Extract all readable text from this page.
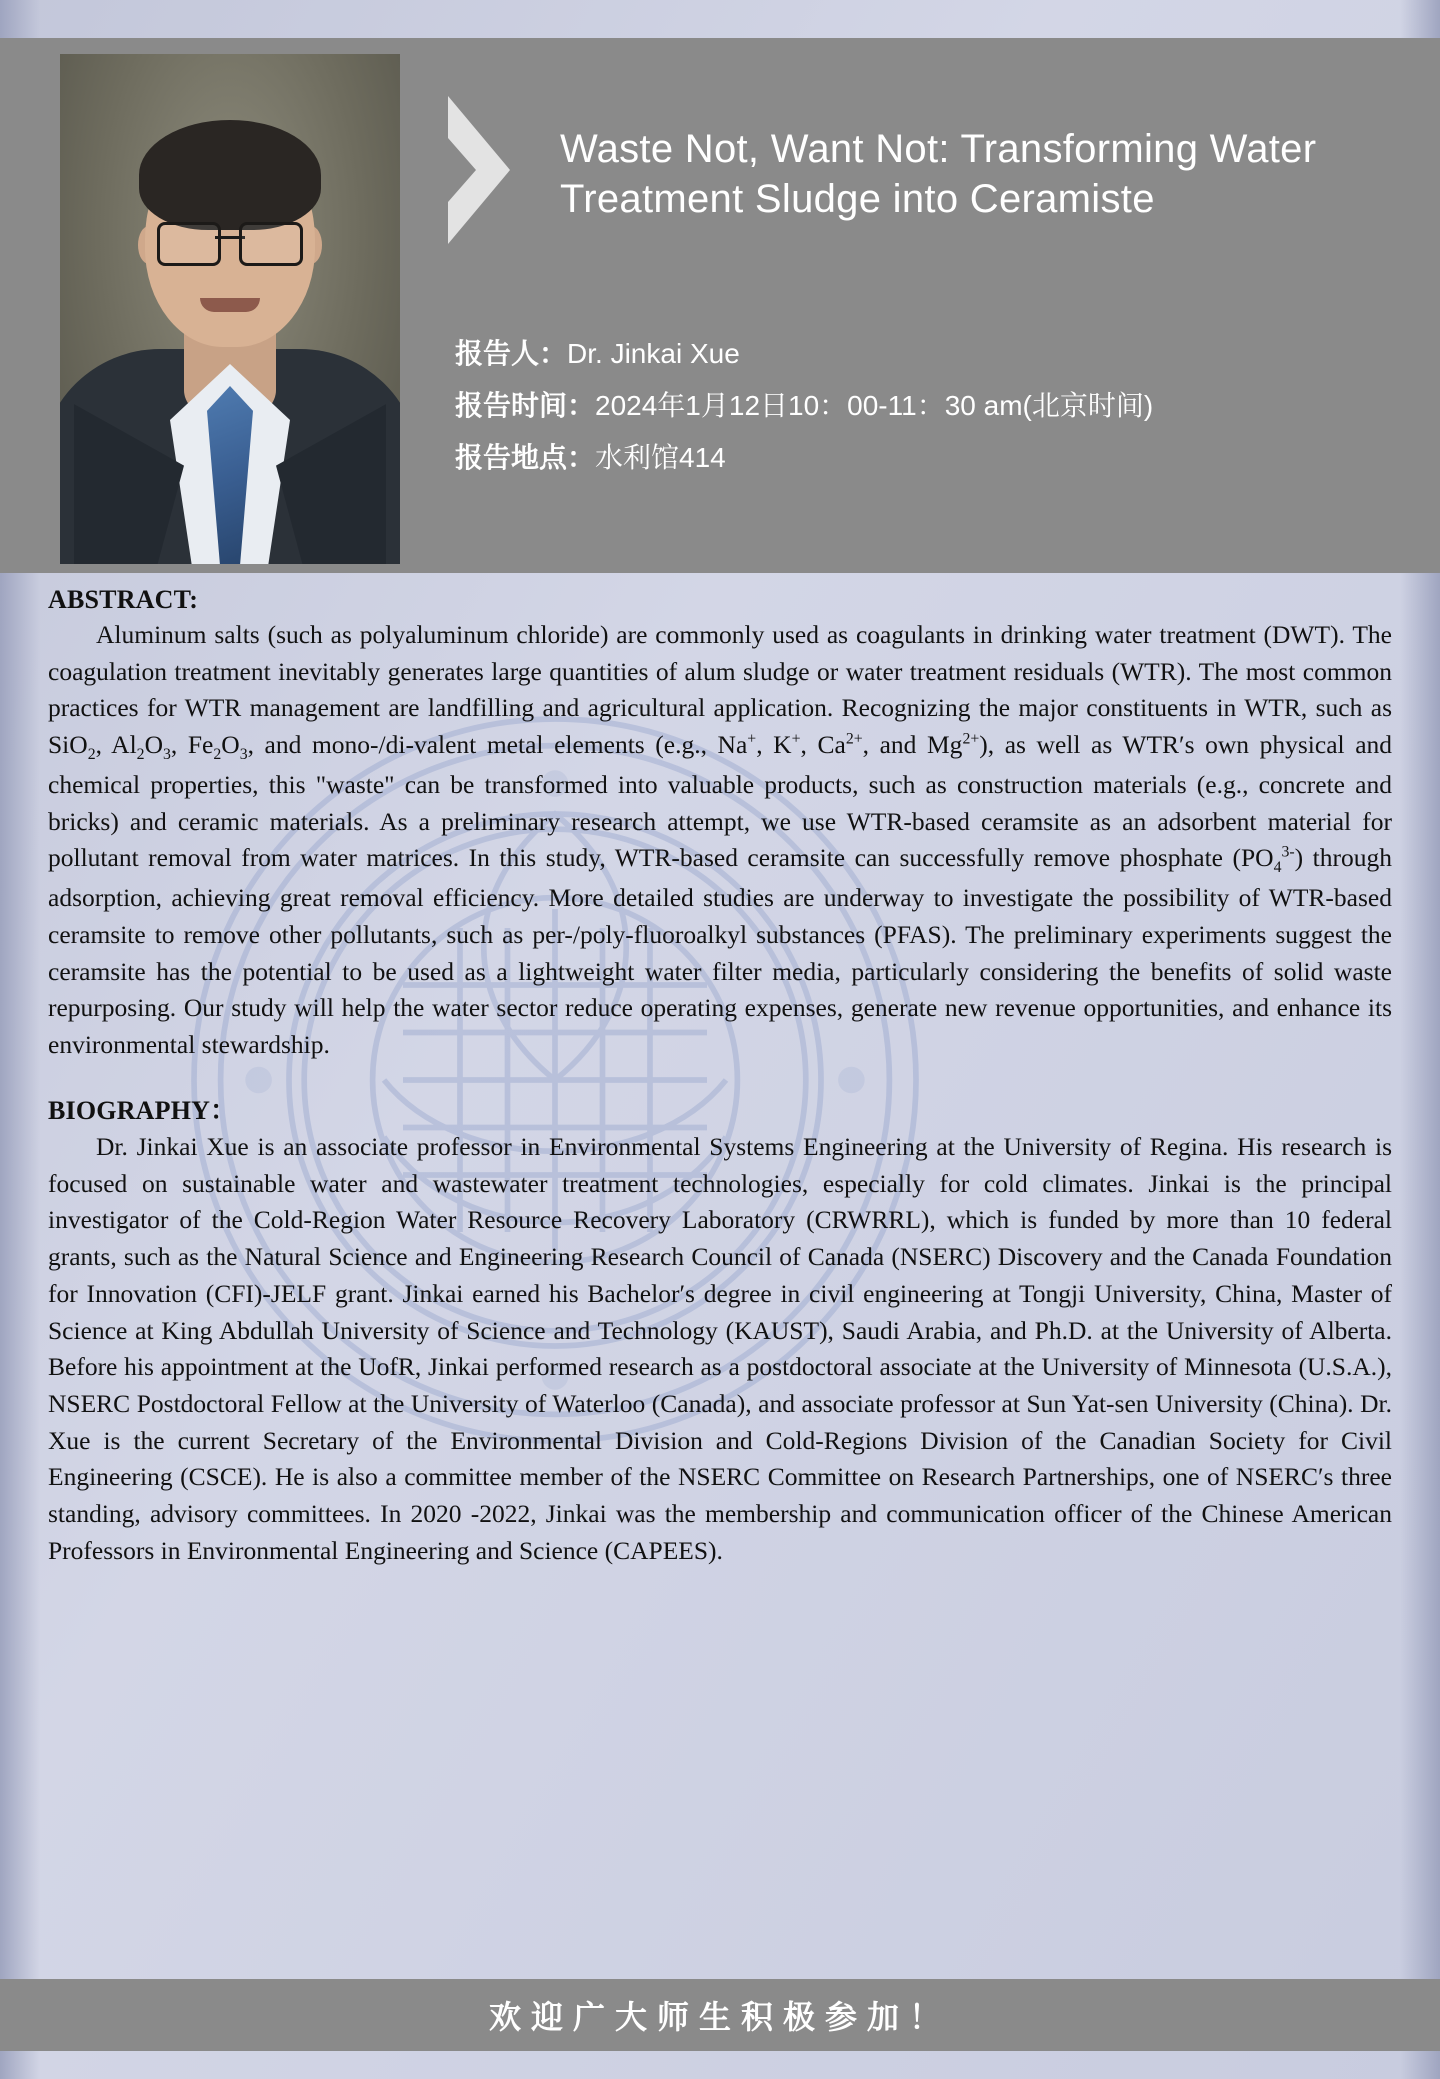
Waste Not, Want Not: Transforming Water Treatment Sludge into Ceramiste
报告人：Dr. Jinkai Xue
报告时间：2024年1月12日10：00-11：30 am(北京时间)
报告地点：水利馆414
ABSTRACT:

Aluminum salts (such as polyaluminum chloride) are commonly used as coagulants in drinking water treatment (DWT). The coagulation treatment inevitably generates large quantities of alum sludge or water treatment residuals (WTR). The most common practices for WTR management are landfilling and agricultural application. Recognizing the major constituents in WTR, such as SiO$_2$, $Al_2O_3$, $Fe_2O_3$, and mono-/di-valent metal elements (e.g., Na+, K+, $Ca^{2+}$, and $Mg^{2+}$), as well as WTR′s own physical and chemical properties, this "waste" can be transformed into valuable products, such as construction materials (e.g., concrete and bricks) and ceramic materials. As a preliminary research attempt, we use WTR-based ceramsite as an adsorbent material for pollutant removal from water matrices. In this study, WTR-based ceramsite can successfully remove phosphate $(PO_4^{3-})$ through adsorption, achieving great removal efficiency. More detailed studies are underway to investigate the possibility of WTR-based ceramsite to remove other pollutants, such as per-/poly-fluoroalkyl substances (PFAS). The preliminary experiments suggest the ceramsite has the potential to be used as a lightweight water filter media, particularly considering the benefits of solid waste repurposing. Our study will help the water sector reduce operating expenses, generate new revenue opportunities, and enhance its environmental stewardship.

BIOGRAPHY：

Dr. Jinkai Xue is an associate professor in Environmental Systems Engineering at the University of Regina. His research is focused on sustainable water and wastewater treatment technologies, especially for cold climates. Jinkai is the principal investigator of the Cold-Region Water Resource Recovery Laboratory (CRWRRL), which is funded by more than 10 federal grants, such as the Natural Science and Engineering Research Council of Canada (NSERC) Discovery and the Canada Foundation for Innovation (CFI)-JELF grant. Jinkai earned his Bachelor′s degree in civil engineering at Tongji University, China, Master of Science at King Abdullah University of Science and Technology (KAUST), Saudi Arabia, and Ph.D. at the University of Alberta. Before his appointment at the UofR, Jinkai performed research as a postdoctoral associate at the University of Minnesota (U.S.A.), NSERC Postdoctoral Fellow at the University of Waterloo (Canada), and associate professor at Sun Yat-sen University (China). Dr. Xue is the current Secretary of the Environmental Division and Cold-Regions Division of the Canadian Society for Civil Engineering (CSCE). He is also a committee member of the NSERC Committee on Research Partnerships, one of NSERC′s three standing, advisory committees. In 2020 -2022, Jinkai was the membership and communication officer of the Chinese American Professors in Environmental Engineering and Science (CAPEES).

欢迎广大师生积极参加！
